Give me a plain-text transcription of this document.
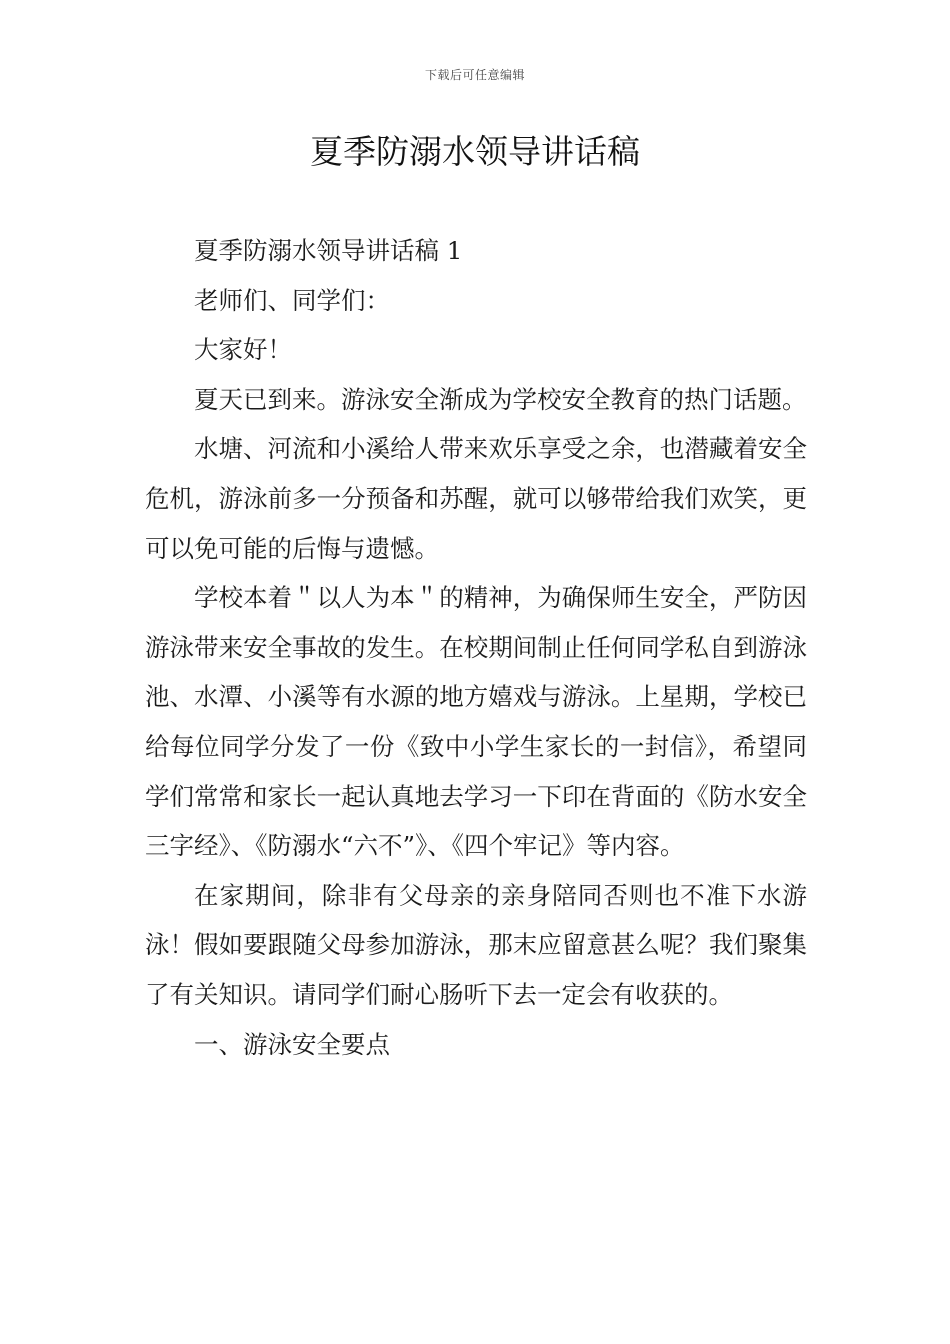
下载后可任意编辑
夏季防溺水领导讲话稿

夏季防溺水领导讲话稿 1

老师们、同学们：

大家好！

夏天已到来。游泳安全渐成为学校安全教育的热门话题。

水塘、河流和小溪给人带来欢乐享受之余，也潜藏着安全危机，游泳前多一分预备和苏醒，就可以够带给我们欢笑，更可以免可能的后悔与遗憾。

学校本着＂以人为本＂的精神，为确保师生安全，严防因游泳带来安全事故的发生。在校期间制止任何同学私自到游泳池、水潭、小溪等有水源的地方嬉戏与游泳。上星期，学校已给每位同学分发了一份《致中小学生家长的一封信》，希望同学们常常和家长一起认真地去学习一下印在背面的《防水安全三字经》、《防溺水“六不”》、《四个牢记》等内容。

在家期间，除非有父母亲的亲身陪同否则也不准下水游泳！假如要跟随父母参加游泳，那末应留意甚么呢？我们聚集了有关知识。请同学们耐心肠听下去一定会有收获的。

一、游泳安全要点
